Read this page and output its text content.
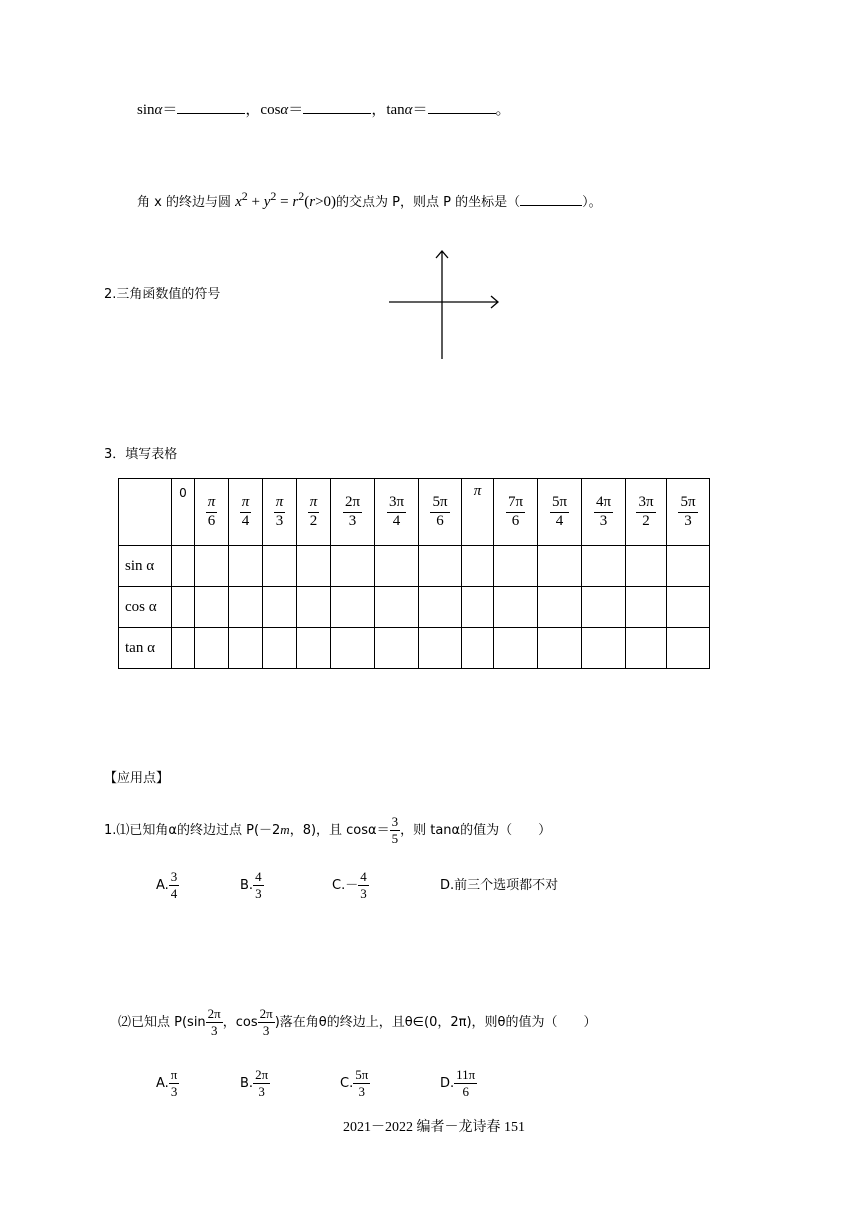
sinα＝	，cosα＝	，tanα＝	。
角 x 的终边与圆 $x^2 + y^2 = r^2(r>0)$的交点为 P，则点 P 的坐标是（	）。
2.三角函数值的符号
3．填写表格
	0	$\frac{\pi}{6}$	$\frac{\pi}{4}$	$\frac{\pi}{3}$	$\frac{\pi}{2}$	$\frac{2\pi}{3}$	$\frac{3\pi}{4}$	$\frac{5\pi}{6}$	π	$\frac{7\pi}{6}$	$\frac{5\pi}{4}$	$\frac{4\pi}{3}$	$\frac{3\pi}{2}$	$\frac{5\pi}{3}$

sin α														
cos α														
tan α														
【应用点】
1.⑴已知角α的终边过点 P(－2m，8)，且 $\cos\alpha= \frac{3}{5}$ ，则 tanα的值为（　　）
A. $\frac{3}{4}$	B. $\frac{4}{3}$	$C.- \frac{4}{3}$	D.前三个选项都不对
⑵已知点 $P(\sin \frac{2\pi}{3}$ ，$\cos \frac{2\pi}{3}$ )落在角θ的终边上，且θ∈(0，2π)，则θ的值为（　　）
A. $\frac{\pi}{3}$	B. $\frac{2\pi}{3}$	C. $\frac{5\pi}{3}$	D. $\frac{11\pi}{6}$
2021－2022 编者－龙诗春 151
